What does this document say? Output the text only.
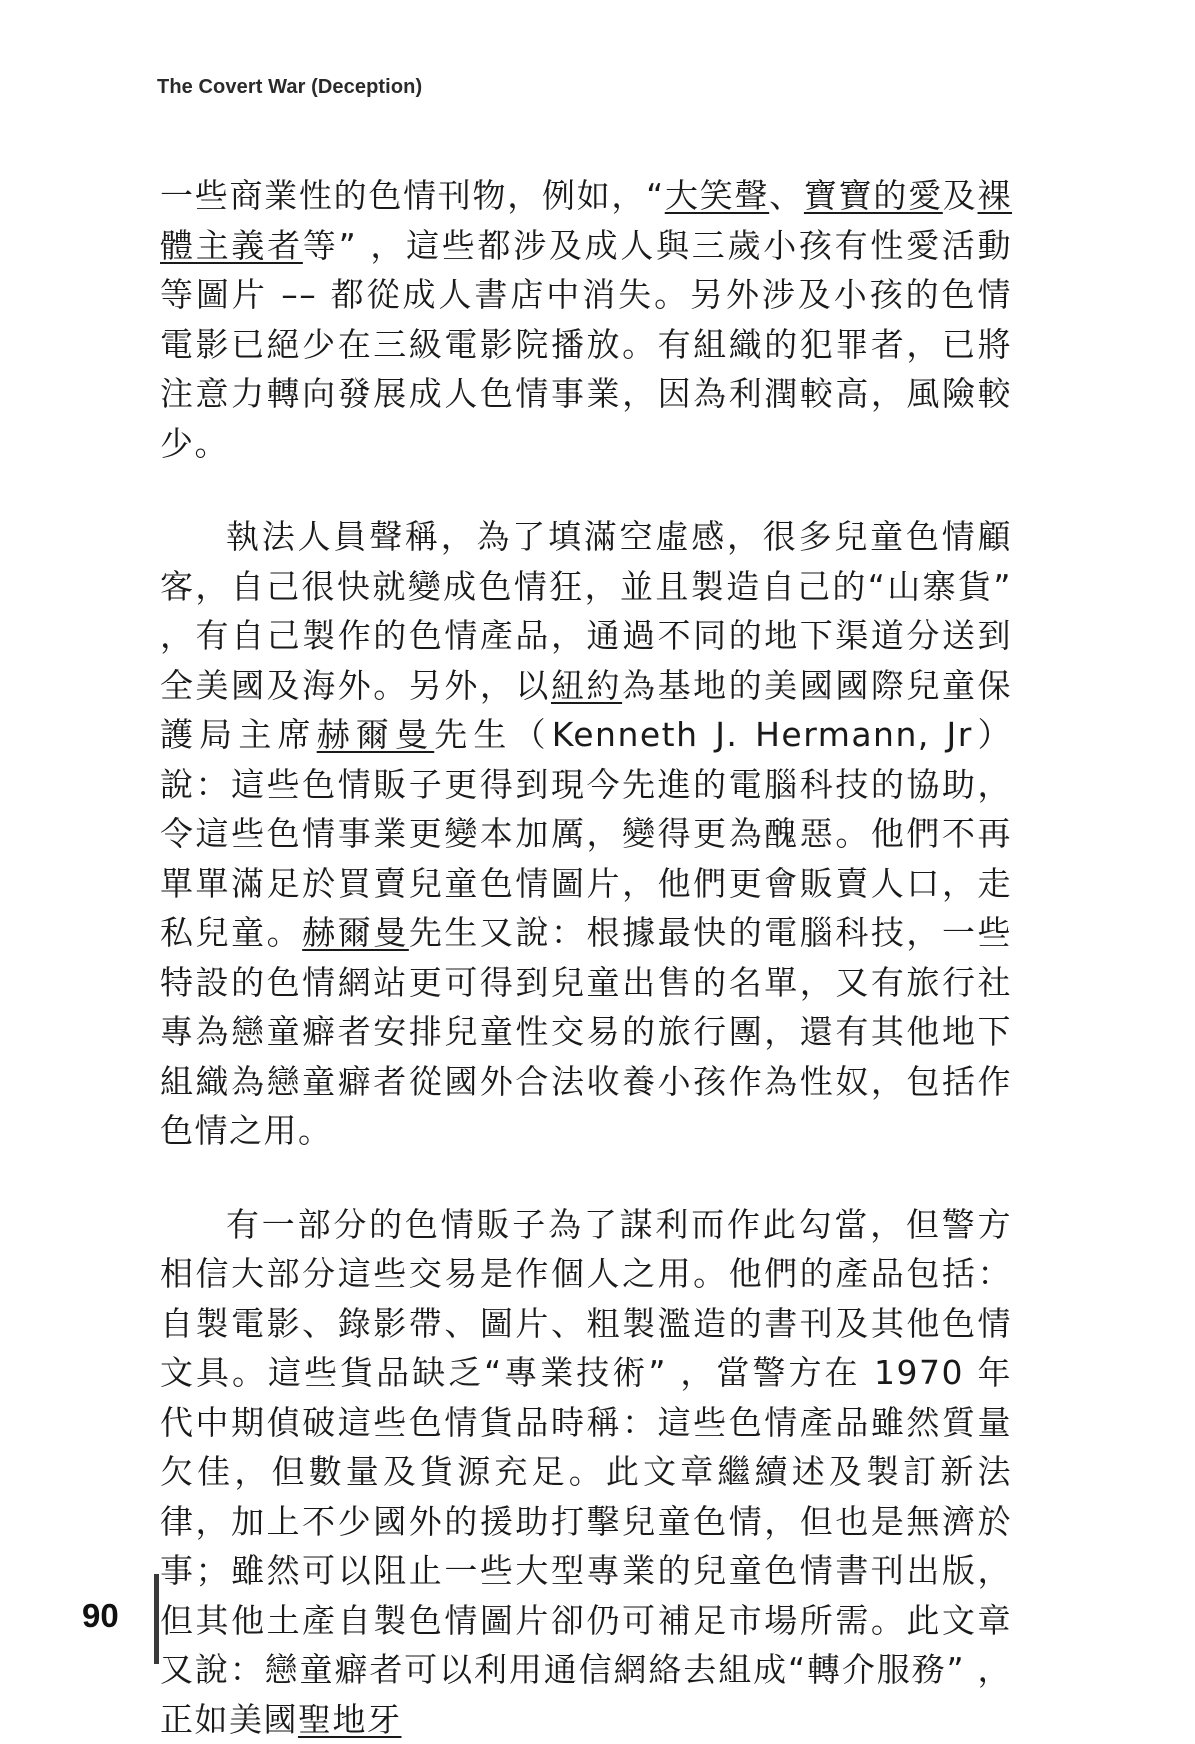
The Covert War (Deception)

一些商業性的色情刊物，例如，“大笑聲、寶寶的愛及裸體主義者等” ，這些都涉及成人與三歲小孩有性愛活動等圖片 –– 都從成人書店中消失。另外涉及小孩的色情電影已絕少在三級電影院播放。有組織的犯罪者，已將注意力轉向發展成人色情事業，因為利潤較高，風險較少。

執法人員聲稱，為了填滿空虛感，很多兒童色情顧客，自己很快就變成色情狂，並且製造自己的“山寨貨” ，有自己製作的色情產品，通過不同的地下渠道分送到全美國及海外。另外，以紐約為基地的美國國際兒童保護局主席赫爾曼先生（Kenneth J. Hermann, Jr）說：這些色情販子更得到現今先進的電腦科技的協助，令這些色情事業更變本加厲，變得更為醜惡。他們不再單單滿足於買賣兒童色情圖片，他們更會販賣人口，走私兒童。赫爾曼先生又說：根據最快的電腦科技，一些特設的色情網站更可得到兒童出售的名單，又有旅行社專為戀童癖者安排兒童性交易的旅行團，還有其他地下組織為戀童癖者從國外合法收養小孩作為性奴，包括作色情之用。

有一部分的色情販子為了謀利而作此勾當，但警方相信大部分這些交易是作個人之用。他們的產品包括：自製電影、錄影帶、圖片、粗製濫造的書刊及其他色情文具。這些貨品缺乏“專業技術” ，當警方在 1970 年代中期偵破這些色情貨品時稱：這些色情產品雖然質量欠佳，但數量及貨源充足。此文章繼續述及製訂新法律，加上不少國外的援助打擊兒童色情，但也是無濟於事；雖然可以阻止一些大型專業的兒童色情書刊出版，但其他土產自製色情圖片卻仍可補足市場所需。此文章又說：戀童癖者可以利用通信網絡去組成“轉介服務” ，正如美國聖地牙

90
